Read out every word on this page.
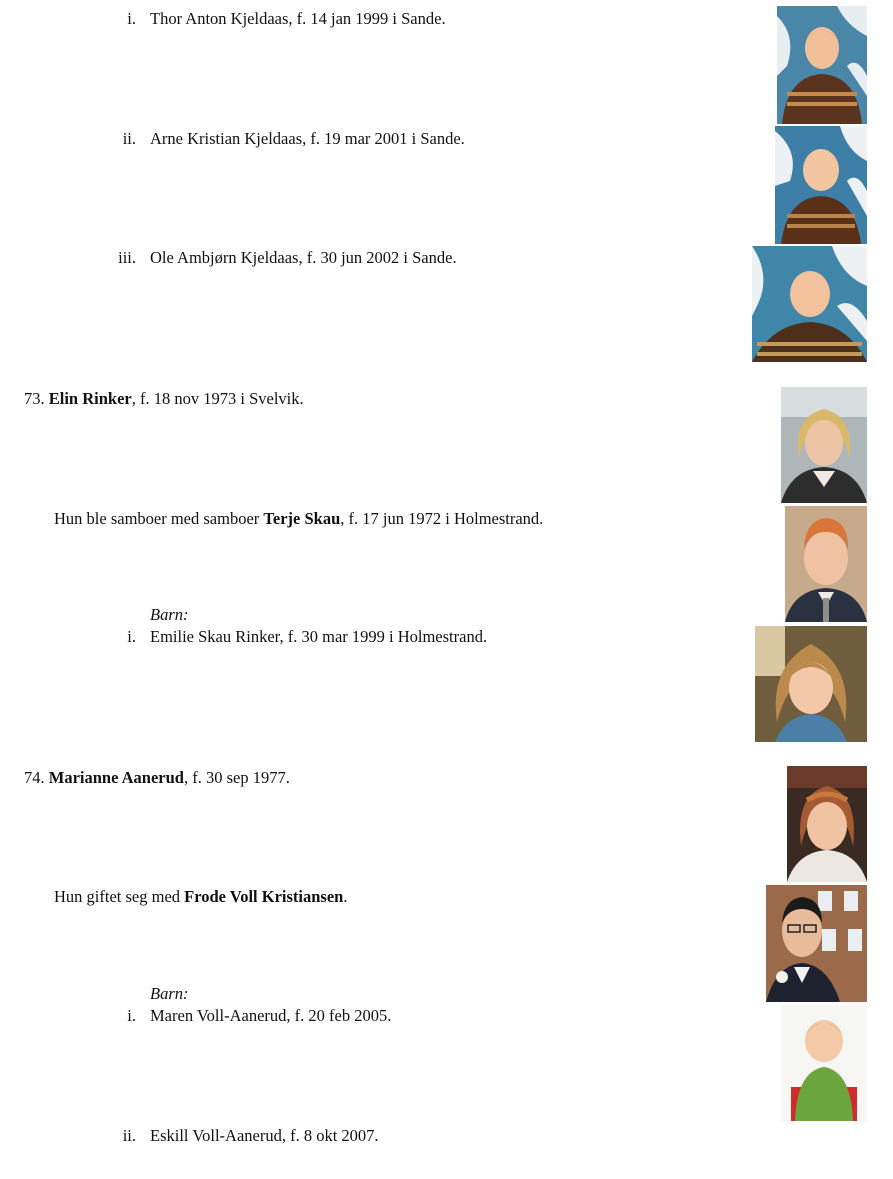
i. Thor Anton Kjeldaas, f. 14 jan 1999 i Sande.
ii. Arne Kristian Kjeldaas, f. 19 mar 2001 i Sande.
iii. Ole Ambjørn Kjeldaas, f. 30 jun 2002 i Sande.
73. Elin Rinker, f. 18 nov 1973 i Svelvik.
Hun ble samboer med samboer Terje Skau, f. 17 jun 1972 i Holmestrand.
Barn:
i. Emilie Skau Rinker, f. 30 mar 1999 i Holmestrand.
74. Marianne Aanerud, f. 30 sep 1977.
Hun giftet seg med Frode Voll Kristiansen.
Barn:
i. Maren Voll-Aanerud, f. 20 feb 2005.
ii. Eskill Voll-Aanerud, f. 8 okt 2007.
